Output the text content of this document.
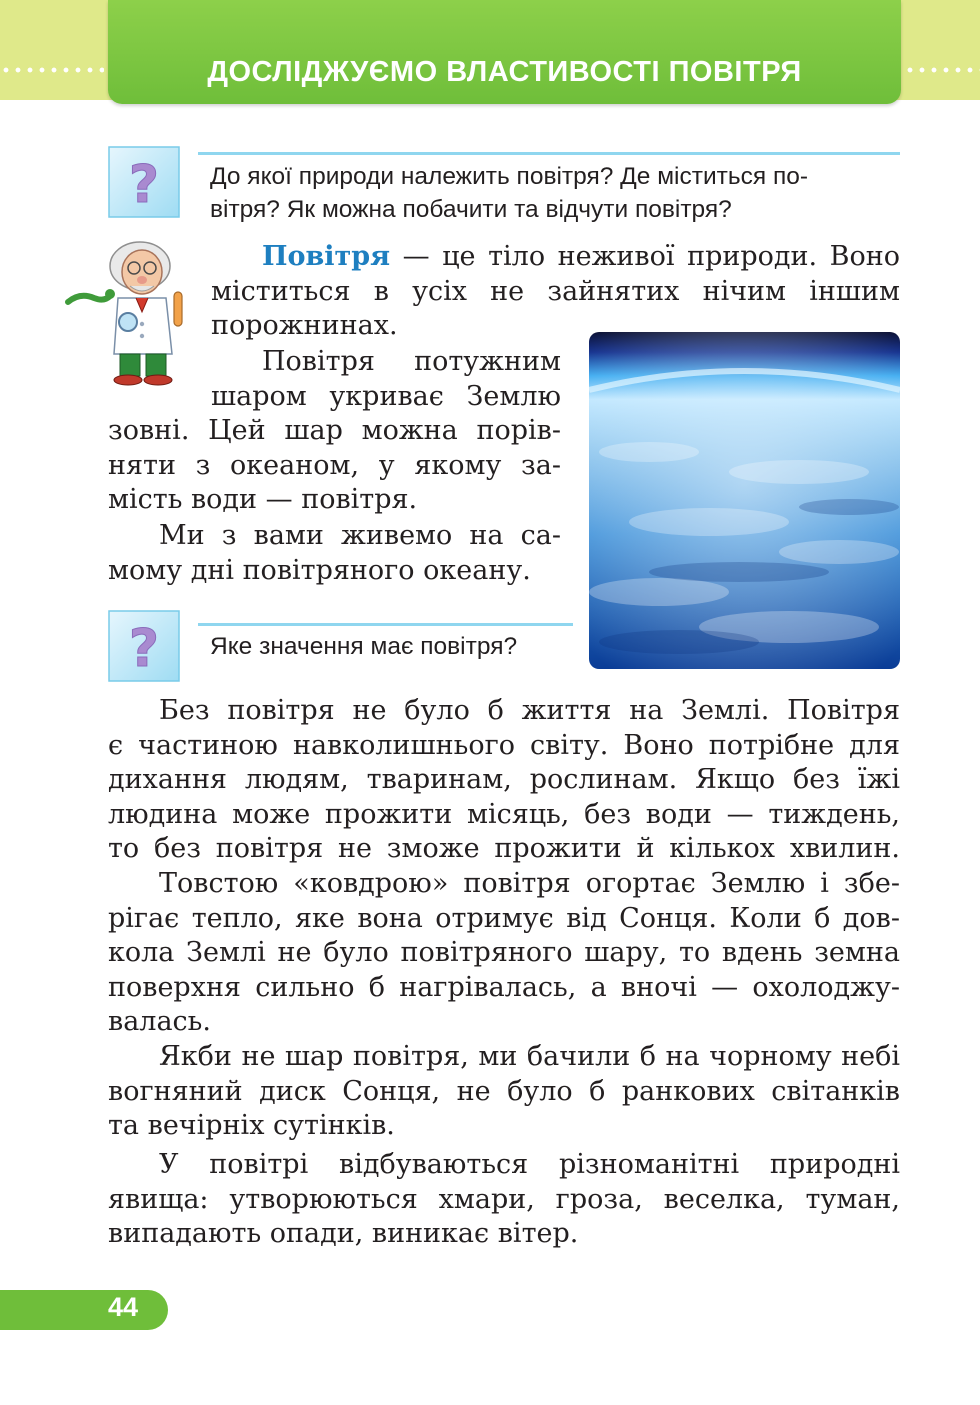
ДОСЛІДЖУЄМО ВЛАСТИВОСТІ ПОВІТРЯ
? До якої природи належить повітря? Де міститься по-
вітря? Як можна побачити та відчути повітря?
Повітря — це тіло неживої природи. Воно
міститься в усіх не зайнятих нічим іншим
порожнинах.
Повітря потужним
шаром укриває Землю
зовні. Цей шар можна порів-
няти з океаном, у якому за-
мість води — повітря.
Ми з вами живемо на са-
мому дні повітряного океану.
? Яке значення має повітря?
Без повітря не було б життя на Землі. Повітря
є частиною навколишнього світу. Воно потрібне для
дихання людям, тваринам, рослинам. Якщо без їжі
людина може прожити місяць, без води — тиждень,
то без повітря не зможе прожити й кількох хвилин.
Товстою «ковдрою» повітря огортає Землю і збе-
рігає тепло, яке вона отримує від Сонця. Коли б дов-
кола Землі не було повітряного шару, то вдень земна
поверхня сильно б нагрівалась, а вночі — охолоджу-
валась.
Якби не шар повітря, ми бачили б на чорному небі
вогняний диск Сонця, не було б ранкових світанків
та вечірніх сутінків.
У повітрі відбуваються різноманітні природні
явища: утворюються хмари, гроза, веселка, туман,
випадають опади, виникає вітер.
44
